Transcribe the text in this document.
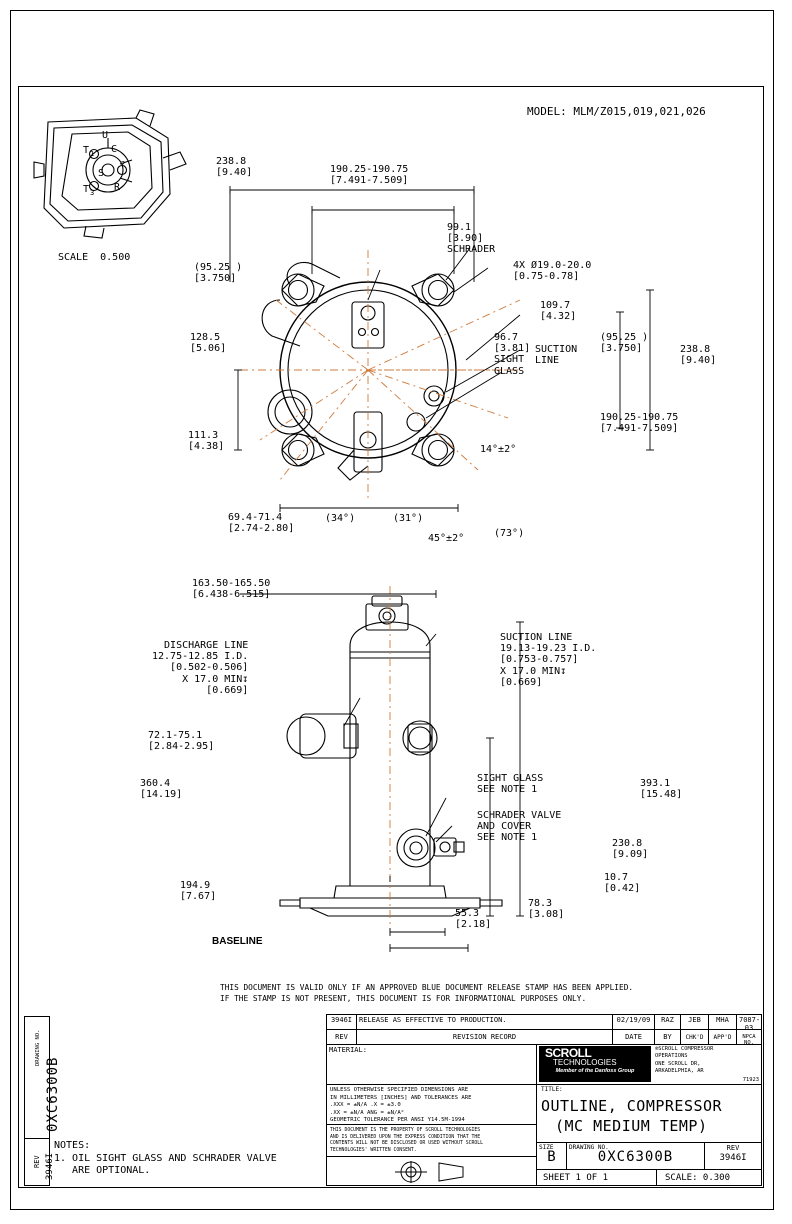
MODEL: MLM/Z015,019,021,026
U
T 1 C
S
T 3 R
2
SCALE  0.500
238.8
[9.40]	190.25-190.75
[7.491-7.509]
99.1
[3.90]
SCHRADER
4X Ø19.0-20.0
[0.75-0.78]
(95.25 )
[3.750]
109.7
[4.32]
96.7
[3.81]
SIGHT
GLASS
SUCTION
LINE
(95.25 )
[3.750]	238.8
[9.40]
190.25-190.75
[7.491-7.509]
128.5
[5.06]
111.3
[4.38]
69.4-71.4
[2.74-2.80]
(34°)	(31°)
45°±2°	(73°)
14°±2°
163.50-165.50
[6.438-6.515]
DISCHARGE LINE
12.75-12.85 I.D.
[0.502-0.506]
X 17.0 MIN↧
[0.669]
SUCTION LINE
19.13-19.23 I.D.
[0.753-0.757]
X 17.0 MIN↧
[0.669]
72.1-75.1
[2.84-2.95]
360.4
[14.19]
393.1
[15.48]
SIGHT GLASS
SEE NOTE 1
SCHRADER VALVE
AND COVER
SEE NOTE 1
230.8
[9.09]
194.9
[7.67]
10.7
[0.42]
78.3
[3.08]
55.3
[2.18]
BASELINE
THIS DOCUMENT IS VALID ONLY IF AN APPROVED BLUE DOCUMENT RELEASE STAMP HAS BEEN APPLIED.
IF THE STAMP IS NOT PRESENT, THIS DOCUMENT IS FOR INFORMATIONAL PURPOSES ONLY.
NOTES:
1. OIL SIGHT GLASS AND SCHRADER VALVE
ARE OPTIONAL.
DRAWING NO.
0XC6300B
REV 3946I
3946I RELEASE AS EFFECTIVE TO PRODUCTION.	02/19/09	RAZ	JEB	MHA	7087-03
REV	REVISION RECORD	DATE	BY	CHK'D	APP'D	NPCA NO.
MATERIAL:
UNLESS OTHERWISE SPECIFIED DIMENSIONS ARE
IN MILLIMETERS [INCHES] AND TOLERANCES ARE
.XXX = ±N/A .X = ±3.0
.XX = ±N/A ANG = ±N/A°
GEOMETRIC TOLERANCE PER ANSI Y14.5M-1994
THIS DOCUMENT IS THE PROPERTY OF SCROLL TECHNOLOGIES
AND IS DELIVERED UPON THE EXPRESS CONDITION THAT THE
CONTENTS WILL NOT BE DISCLOSED OR USED WITHOUT SCROLL
TECHNOLOGIES' WRITTEN CONSENT.
SCROLL
TECHNOLOGIES
Member of the Danfoss Group
®SCROLL COMPRESSOR
OPERATIONS
ONE SCROLL DR,
ARKADELPHIA, AR
71923
TITLE:
OUTLINE, COMPRESSOR
(MC MEDIUM TEMP)
SIZE
B
DRAWING NO.
0XC6300B
REV
3946I
SHEET 1 OF 1	SCALE: 0.300
